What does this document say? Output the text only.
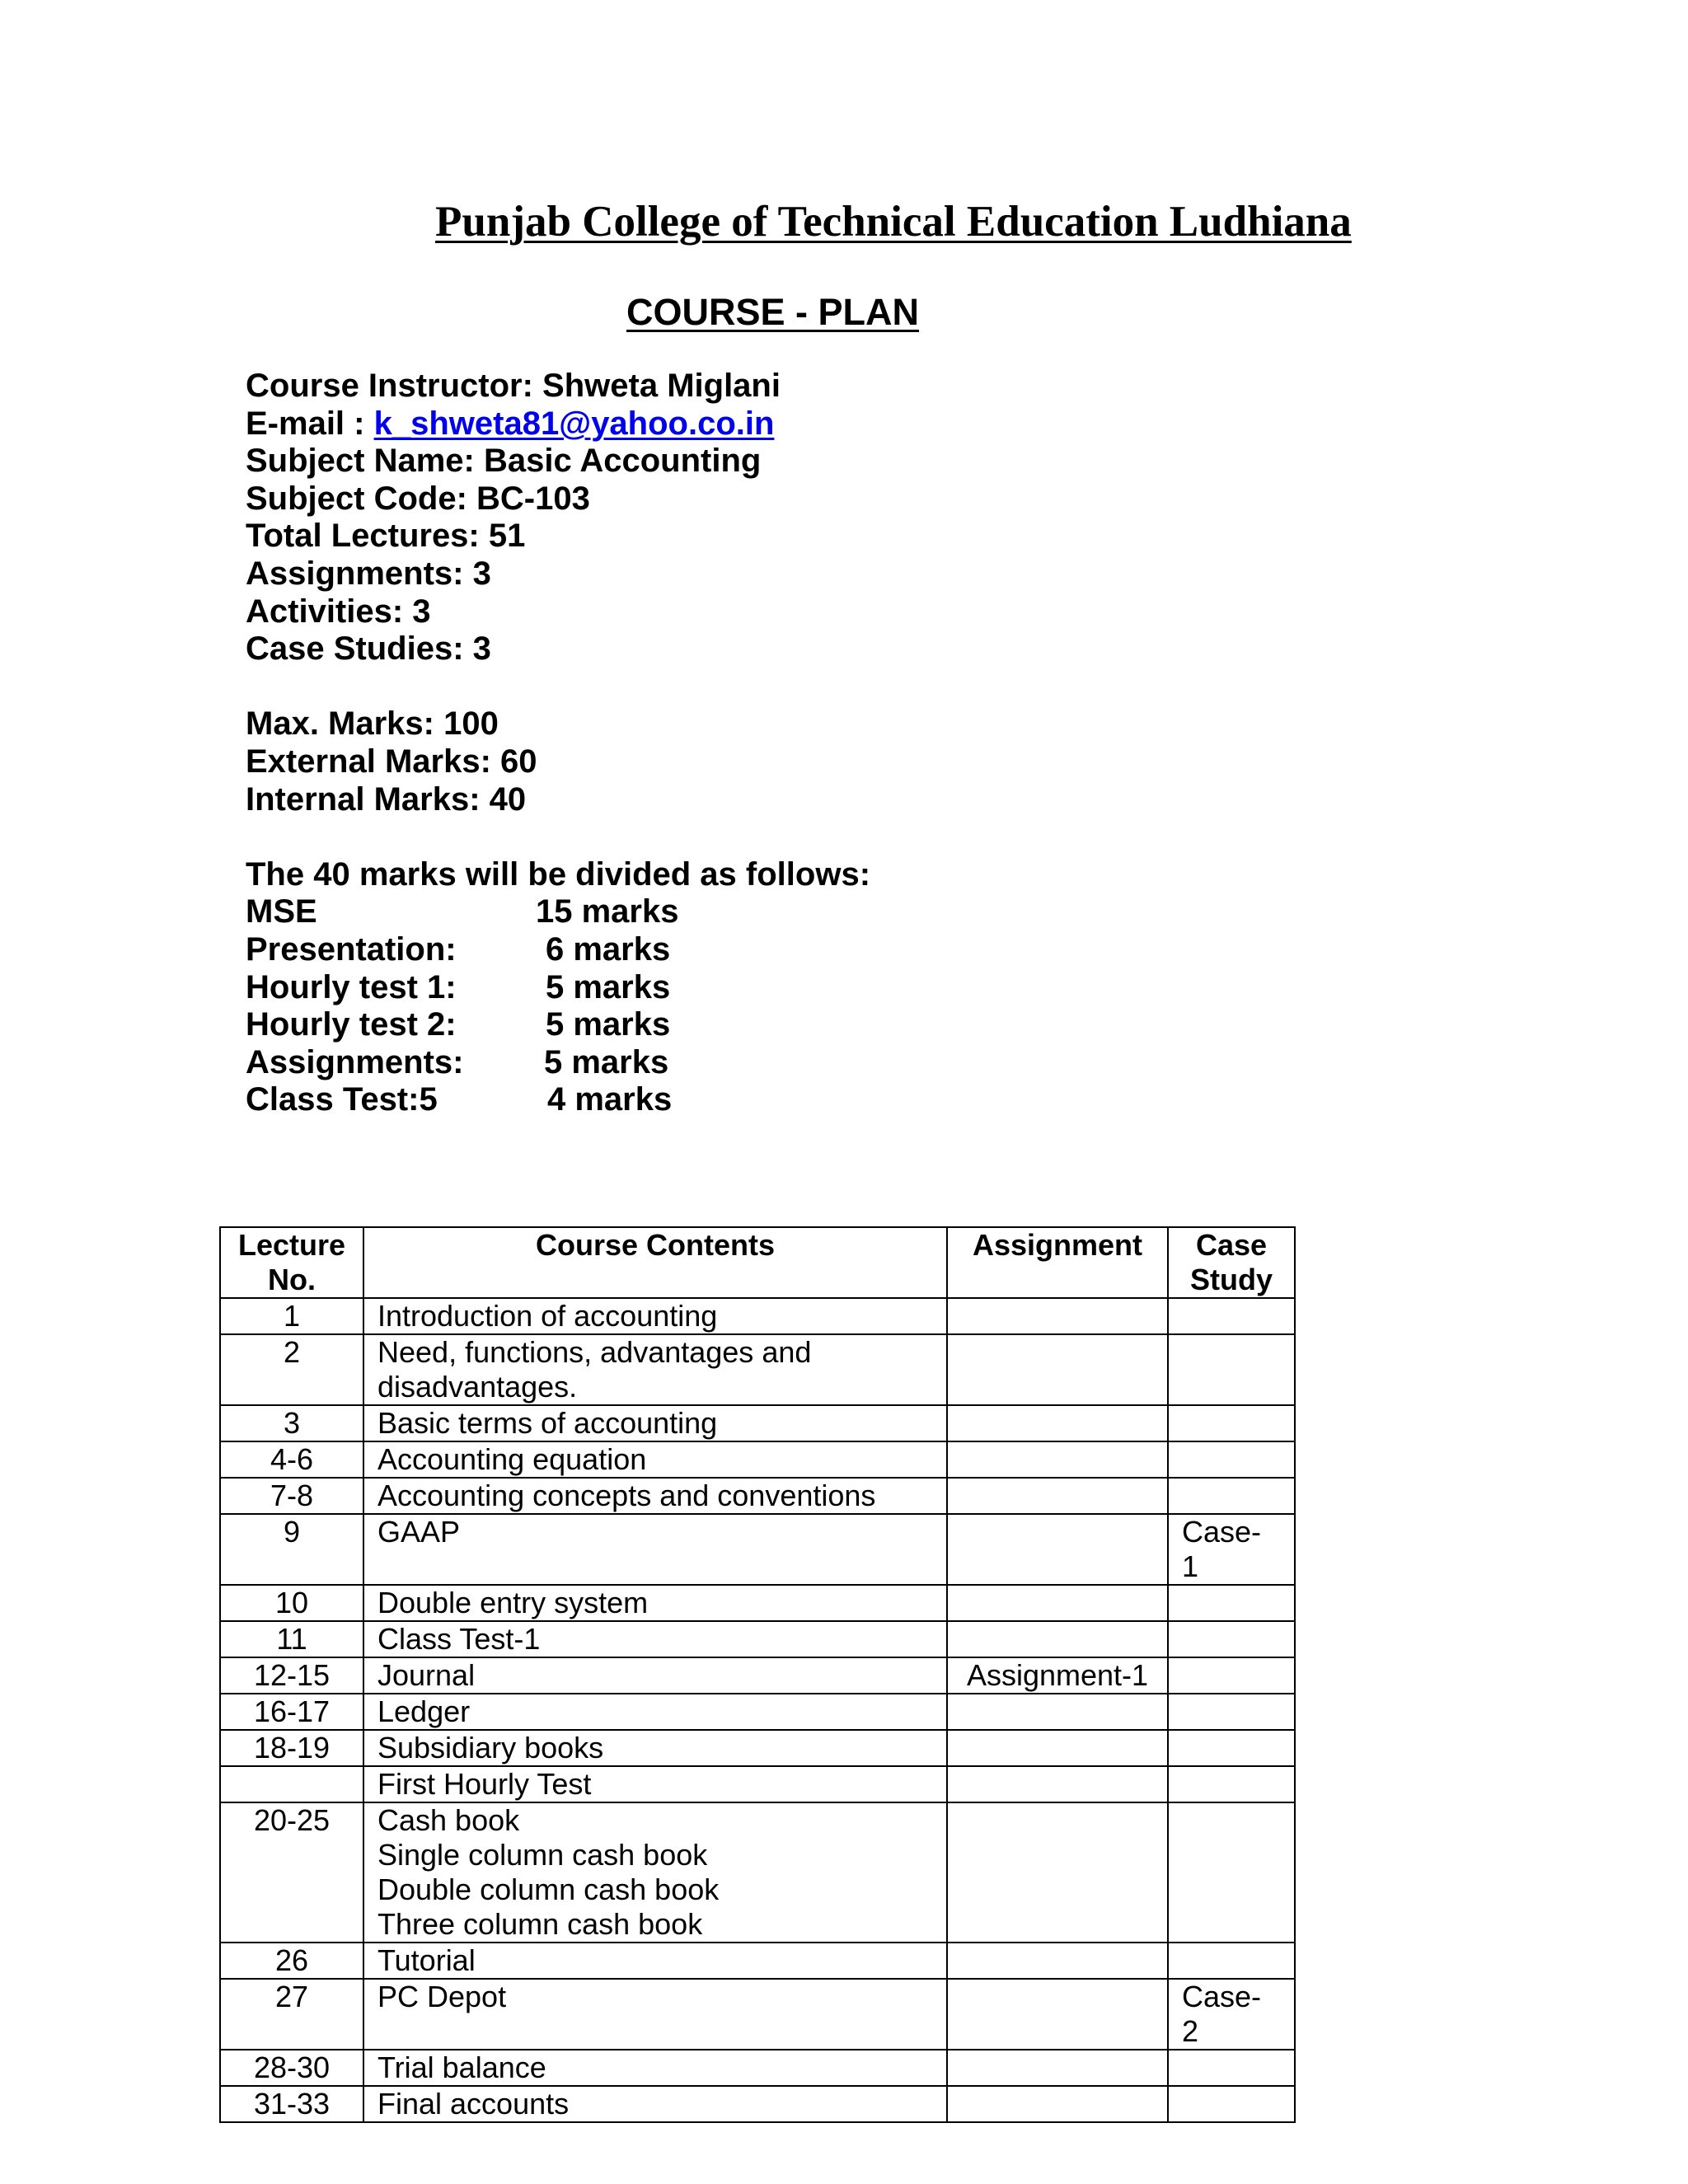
Punjab College of Technical Education Ludhiana
COURSE - PLAN
Course Instructor: Shweta Miglani
E-mail : k_shweta81@yahoo.co.in
Subject Name: Basic Accounting
Subject Code: BC-103
Total Lectures: 51
Assignments: 3
Activities: 3
Case Studies: 3
Max. Marks: 100
External Marks: 60
Internal Marks: 40
The 40 marks will be divided as follows:
MSE	15 marks
Presentation:	6 marks
Hourly test 1:	5 marks
Hourly test 2:	5 marks
Assignments: 5 marks
Class Test:5	4 marks
Lecture
No.	Course Contents	Assignment	Case
Study

1	Introduction of accounting		

2	Need, functions, advantages and
disadvantages.		

3	Basic terms of accounting		

4-6	Accounting equation		

7-8	Accounting concepts and conventions		

9	GAAP		Case-
1

10	Double entry system		

11	Class Test-1		

12-15	Journal	Assignment-1	
16-17	Ledger		

18-19	Subsidiary books		

	First Hourly Test		

20-25	Cash book
Single column cash book
Double column cash book
Three column cash book		

26	Tutorial		

27	PC Depot		Case-
2

28-30	Trial balance		

31-33	Final accounts		
